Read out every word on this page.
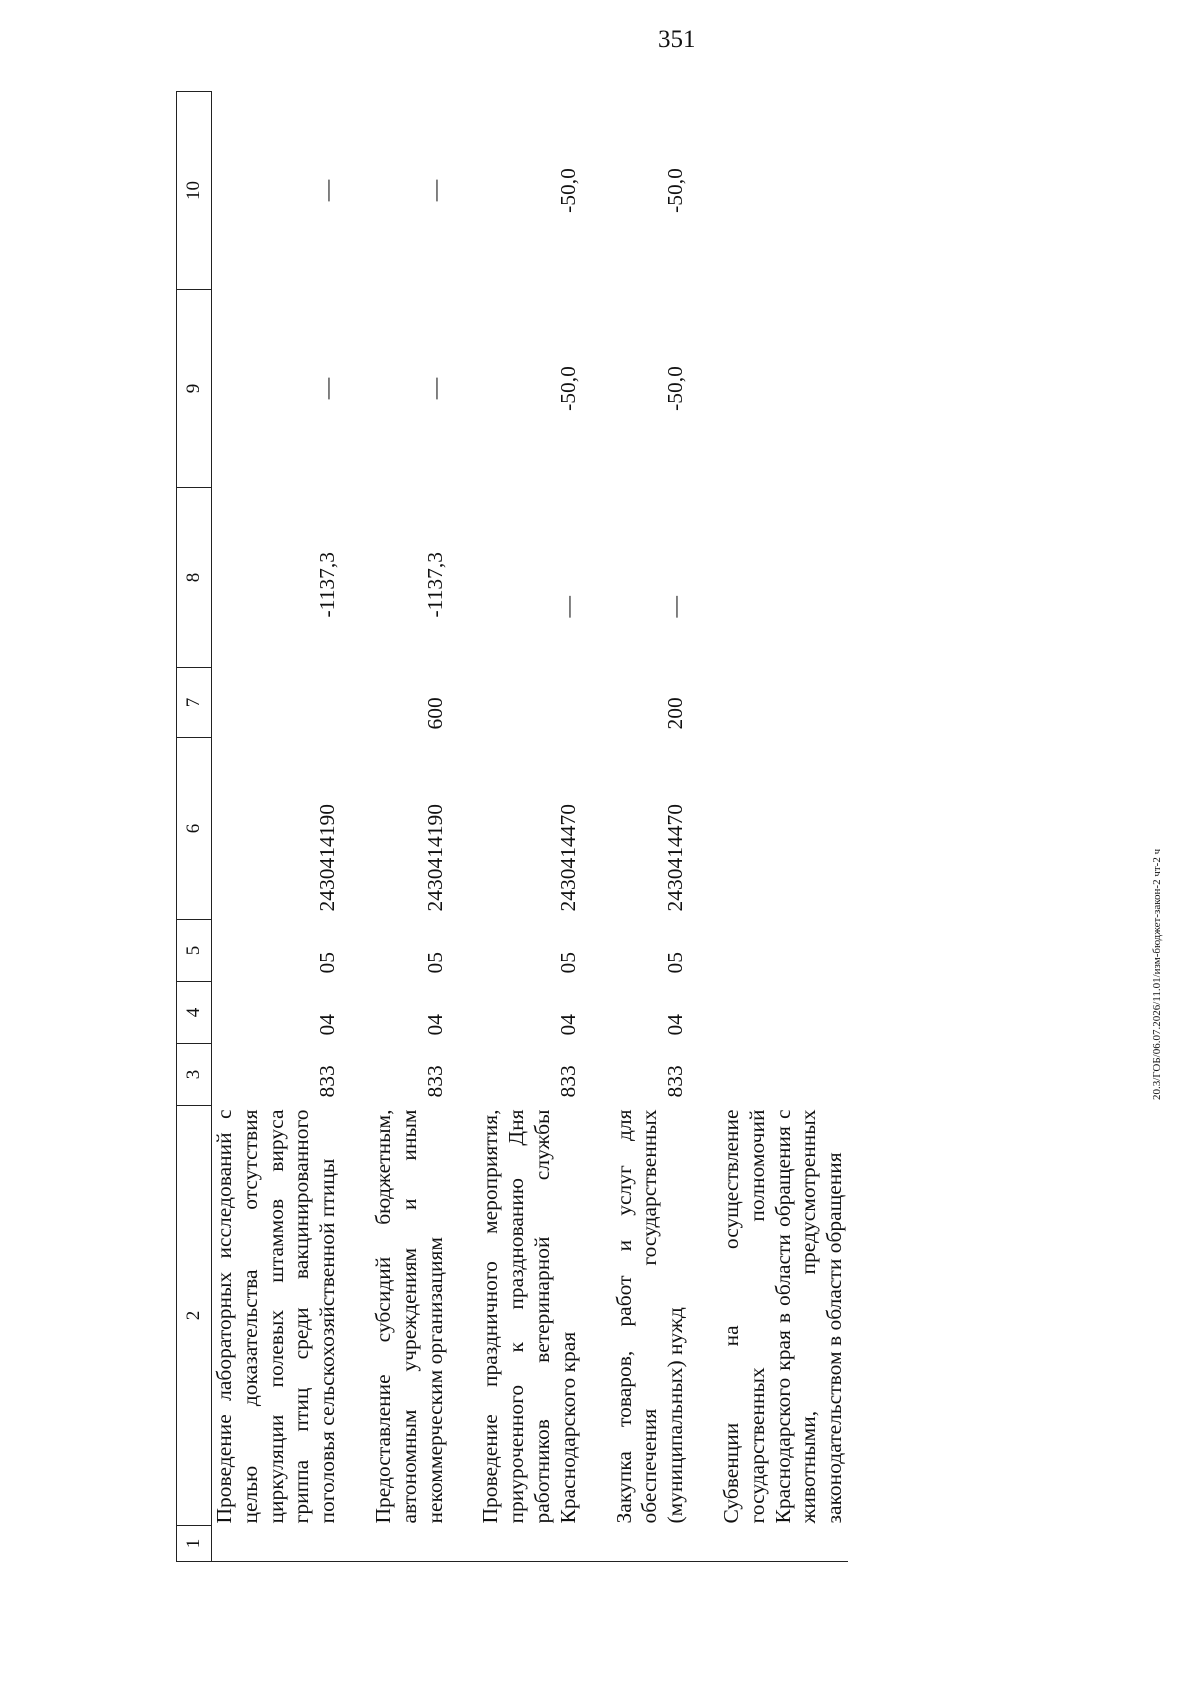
351
1	2	3	4	5	6	7	8	9	10
	Проведение лабораторных исследований с целью доказательства отсутствия циркуляции полевых штаммов вируса гриппа птиц среди вакцинированного поголовья сельскохозяйственной птицы	833	04	05	2430414190		-1137,3	—	—

	Предоставление субсидий бюджетным, автономным учреждениям и иным некоммерческим организациям	833	04	05	2430414190	600	-1137,3	—	—

	Проведение праздничного мероприятия, приуроченного к празднованию Дня работников ветеринарной службы Краснодарского края	833	04	05	2430414470		—	-50,0	-50,0

	Закупка товаров, работ и услуг для обеспечения государственных (муниципальных) нужд	833	04	05	2430414470	200	—	-50,0	-50,0

	Субвенции на осуществление государственных полномочий Краснодарского края в области обращения с животными, предусмотренных законодательством в области обращения								
20.3/ГОБ/06.07.2026/11.01/изм-бюджет-закон-2 чт-2 ч
